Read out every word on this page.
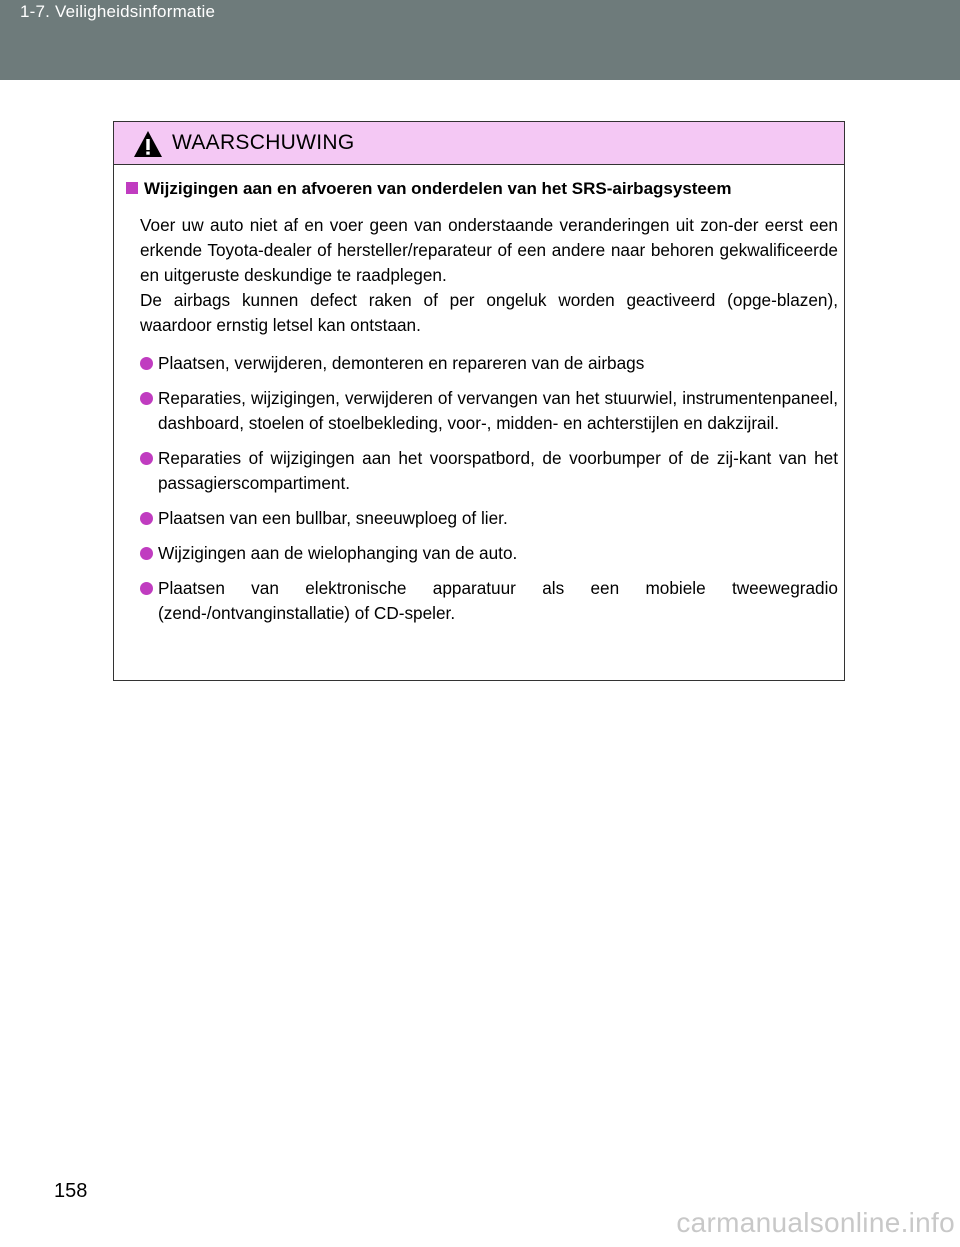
1-7. Veiligheidsinformatie
WAARSCHUWING
Wijzigingen aan en afvoeren van onderdelen van het SRS-airbagsysteem

Voer uw auto niet af en voer geen van onderstaande veranderingen uit zon-der eerst een erkende Toyota-dealer of hersteller/reparateur of een andere naar behoren gekwalificeerde en uitgeruste deskundige te raadplegen.

De airbags kunnen defect raken of per ongeluk worden geactiveerd (opge-blazen), waardoor ernstig letsel kan ontstaan.

Plaatsen, verwijderen, demonteren en repareren van de airbags
Reparaties, wijzigingen, verwijderen of vervangen van het stuurwiel, instrumentenpaneel, dashboard, stoelen of stoelbekleding, voor-, midden- en achterstijlen en dakzijrail.
Reparaties of wijzigingen aan het voorspatbord, de voorbumper of de zij-kant van het passagierscompartiment.
Plaatsen van een bullbar, sneeuwploeg of lier.
Wijzigingen aan de wielophanging van de auto.
Plaatsen van elektronische apparatuur als een mobiele tweewegradio (zend-/ontvanginstallatie) of CD-speler.
158
carmanualsonline.info
